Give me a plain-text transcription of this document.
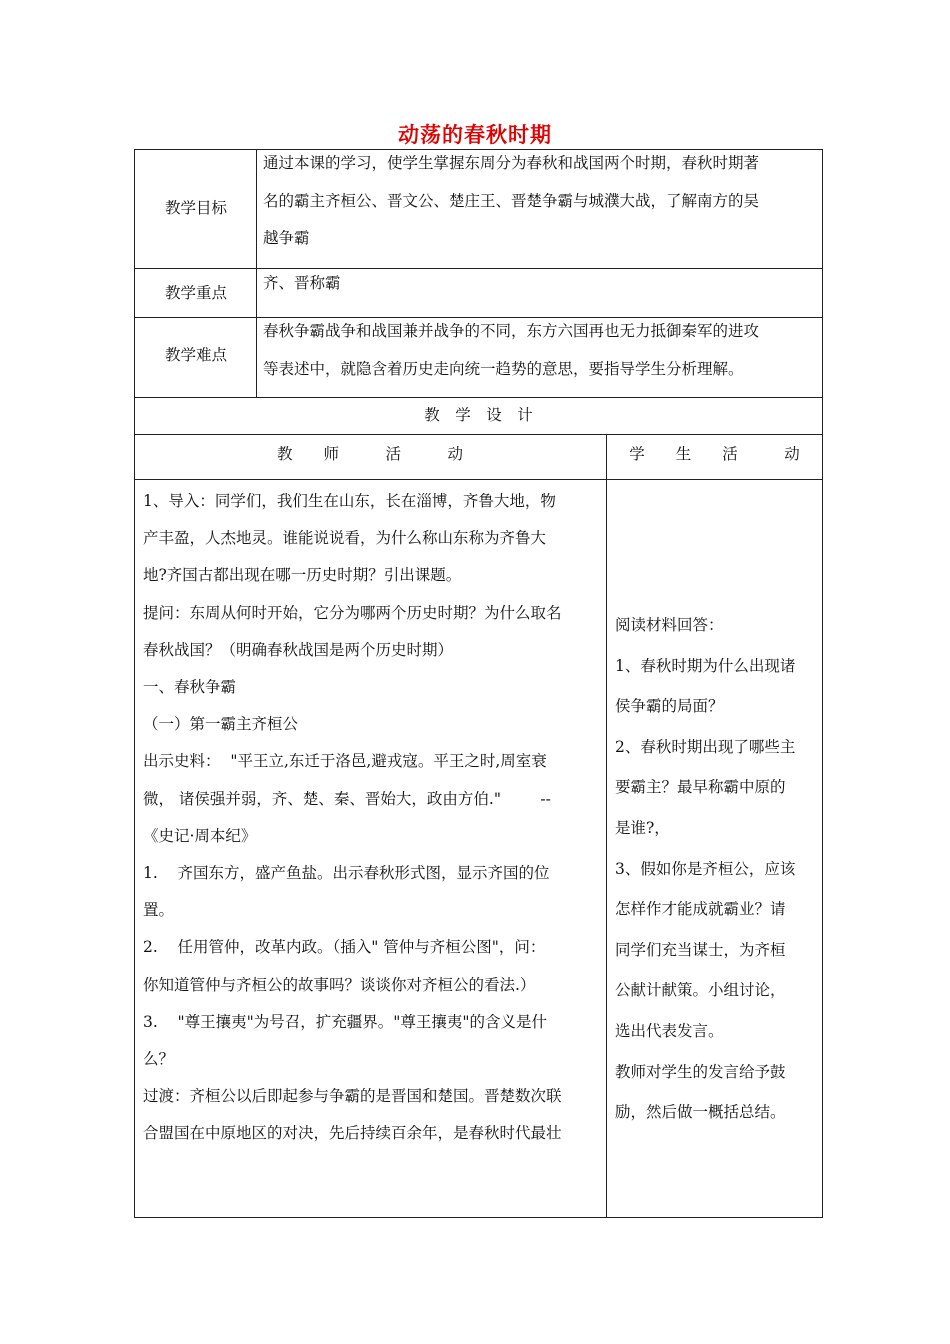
动荡的春秋时期
教学目标

通过本课的学习，使学生掌握东周分为春秋和战国两个时期，春秋时期著

名的霸主齐桓公、晋文公、楚庄王、晋楚争霸与城濮大战，了解南方的吴

越争霸

教学重点
齐、晋称霸
教学难点

春秋争霸战争和战国兼并战争的不同，东方六国再也无力抵御秦军的进攻

等表述中，就隐含着历史走向统一趋势的意思，要指导学生分析理解。

教　学　设　计
教　　师　　　活　　　动	学　　生　　活　　　动

1、导入：同学们，我们生在山东，长在淄博，齐鲁大地，物

产丰盈，人杰地灵。谁能说说看，为什么称山东称为齐鲁大

地?齐国古都出现在哪一历史时期？引出课题。

提问：东周从何时开始，它分为哪两个历史时期？为什么取名

春秋战国？（明确春秋战国是两个历史时期）

一、春秋争霸

（一）第一霸主齐桓公

出示史料：  "平王立,东迁于洛邑,避戎寇。平王之时,周室衰

微， 诸侯强并弱，齐、楚、秦、晋始大，政由方伯."        --

《史记·周本纪》

1.    齐国东方，盛产鱼盐。出示春秋形式图，显示齐国的位

置。

2.    任用管仲，改革内政。（插入" 管仲与齐桓公图"，问：

你知道管仲与齐桓公的故事吗？谈谈你对齐桓公的看法.）

3.    "尊王攘夷"为号召，扩充疆界。"尊王攘夷"的含义是什

么？

过渡：齐桓公以后即起参与争霸的是晋国和楚国。晋楚数次联

合盟国在中原地区的对决，先后持续百余年，是春秋时代最壮

阅读材料回答：

1、春秋时期为什么出现诸

侯争霸的局面？

2、春秋时期出现了哪些主

要霸主？最早称霸中原的

是谁?，

3、假如你是齐桓公，应该

怎样作才能成就霸业？请

同学们充当谋士，为齐桓

公献计献策。小组讨论，

选出代表发言。

教师对学生的发言给予鼓

励，然后做一概括总结。
